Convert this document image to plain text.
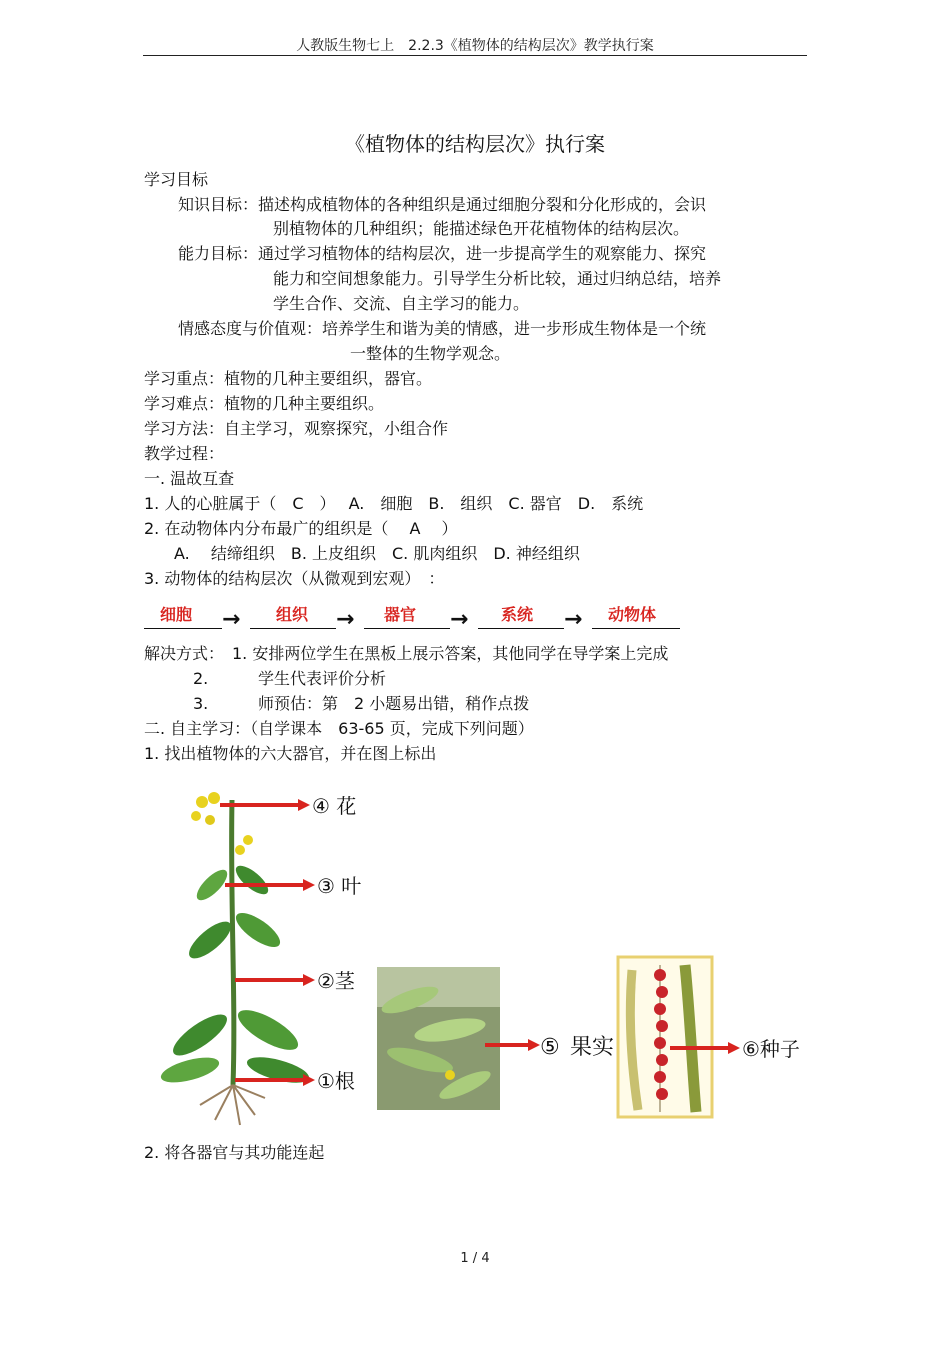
人教版生物七上　2.2.3《植物体的结构层次》教学执行案
《植物体的结构层次》执行案
学习目标
知识目标：描述构成植物体的各种组织是通过细胞分裂和分化形成的，会识
别植物体的几种组织；能描述绿色开花植物体的结构层次。
能力目标：通过学习植物体的结构层次，进一步提高学生的观察能力、探究
能力和空间想象能力。引导学生分析比较，通过归纳总结，培养
学生合作、交流、自主学习的能力。
情感态度与价值观：培养学生和谐为美的情感，进一步形成生物体是一个统
一整体的生物学观念。
学习重点：植物的几种主要组织，器官。
学习难点：植物的几种主要组织。
学习方法：自主学习，观察探究，小组合作
教学过程：
一. 温故互查
1. 人的心脏属于（　C　）　 A.　细胞　B.　组织　C. 器官　D.　系统
2. 在动物体内分布最广的组织是（　 A　 ）
A.　 结缔组织　B. 上皮组织　C. 肌肉组织　D. 神经组织
3. 动物体的结构层次（从微观到宏观）　：
细胞 → 组织 → 器官 → 系统 → 动物体
解决方式：　1. 安排两位学生在黑板上展示答案，其他同学在导学案上完成
2.	学生代表评价分析
3.	师预估：第　2 小题易出错，稍作点拨
二. 自主学习：（自学课本　63-65 页，完成下列问题）
1. 找出植物体的六大器官，并在图上标出
④ 花
③ 叶
②茎
①根
⑤ 果实	⑥种子
2. 将各器官与其功能连起
1 / 4
